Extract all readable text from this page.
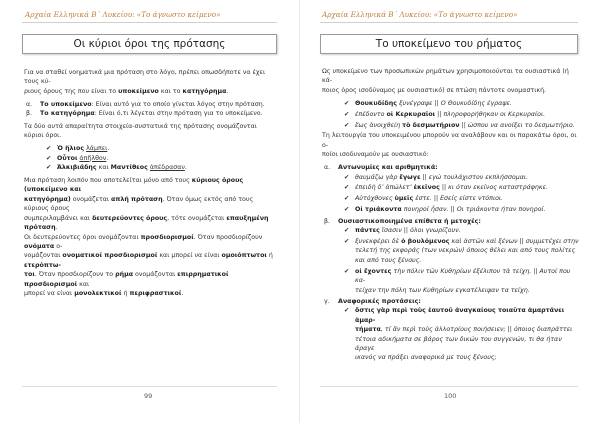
Αρχαία Ελληνικά Β΄ Λυκείου: «Το άγνωστο κείμενο»
Οι κύριοι όροι της πρότασης
Για να σταθεί νοηματικά μια πρόταση στο λόγο, πρέπει οπωσδήποτε να έχει τους κύ-
ριους όρους της που είναι το υποκείμενο και το κατηγόρημα.
α.	Το υποκείμενο: Είναι αυτό για το οποίο γίνεται λόγος στην πρόταση.
β.	Το κατηγόρημα: Είναι ό,τι λέγεται στην πρόταση για το υποκείμενο.
Τα δύο αυτά απαραίτητα στοιχεία-συστατικά της πρότασης ονομάζονται κύριοι όροι.
✔ Ὁ ἥλιος λάμπει.
✔ Οὗτοι ἀπῆλθον.
✔ Ἀλκιβιάδης και Μαντίθεος ἀπέδρασαν.
Μια πρόταση λοιπόν που αποτελείται μόνο από τους κύριους όρους (υποκείμενο και
κατηγόρημα) ονομάζεται απλή πρόταση. Όταν όμως εκτός από τους κύριους όρους
συμπεριλαμβάνει και δευτερεύοντες όρους, τότε ονομάζεται επαυξημένη πρόταση.
Οι δευτερεύοντες όροι ονομάζονται προσδιορισμοί. Όταν προσδιορίζουν ονόματα ο-
νομάζονται ονοματικοί προσδιορισμοί και μπορεί να είναι ομοιόπτωτοι ή ετερόπτω-
τοι. Όταν προσδιορίζουν το ρήμα ονομάζονται επιρρηματικοί προσδιορισμοί και
μπορεί να είναι μονολεκτικοί ή περιφραστικοί.
99
Αρχαία Ελληνικά Β΄ Λυκείου: «Το άγνωστο κείμενο»
Το υποκείμενο του ρήματος
Ως υποκείμενο των προσωπικών ρημάτων χρησιμοποιούνται τα ουσιαστικά (ή κά-
ποιος όρος ισοδύναμος με ουσιαστικό) σε πτώση πάντοτε ονομαστική.
✔ Θουκυδίδης ξυνέγραψε || Ο Θουκυδίδης έγραψε.
✔ ἐπέδοντο οἱ Κερκυραῖοι || πληροφορήθηκαν οι Κερκυραίοι.
✔ ἕως ἀνοιχθείη τὸ δεσμωτήριον || ώσπου να ανοίξει το δεσμωτήριο.
Τη λειτουργία του υποκειμένου μπορούν να αναλάβουν και οι παρακάτω όροι, οι ο-
ποίοι ισοδυναμούν με ουσιαστικό:
α.	Αντωνυμίες και αριθμητικά:
✔ θαυμάζω γὰρ ἔγωγε || εγώ τουλάχιστον εκπλήσσομαι.
✔ ἐπειδὴ δ’ ἀπώλετ’ ἐκεῖνος || κι όταν εκείνος καταστράφηκε.
✔ Αὐτόχθονες ὑμεῖς ἐστε. || Εσείς είστε ντόπιοι.
✔ Οἱ τριάκοντα πονηροί ἦσαν. || Οι τριάκοντα ήταν πονηροί.
β.	Ουσιαστικοποιημένα επίθετα ή μετοχές:
✔ πάντες ἴσασιν || όλοι γνωρίζουν.
✔ ξυνεκφέρει δὲ ὁ βουλόμενος καὶ ἀστῶν καὶ ξένων || συμμετέχει στην
τελετή της εκφοράς (των νεκρών) όποιος θέλει και από τους πολίτες
και από τους ξένους.
✔ οἱ ἔχοντες τὴν πόλιν τῶν Κυθηρίων ἐξέλιπον τὰ τείχη. || Αυτοί που κα-
τείχαν την πόλη των Κυθηρίων εγκατέλειψαν τα τείχη.
γ.	Αναφορικές προτάσεις:
✔ ὅστις γὰρ περὶ τοὺς ἑαυτοῦ ἀναγκαίους τοιαῦτα ἁμαρτάνει ἁμαρ-
τήματα, τί ἄν περὶ τοὺς ἀλλοτρίους ποιήσειεν; || όποιος διαπράττει
τέτοια αδικήματα σε βάρος των δικών του συγγενών, τι θα ήταν άραγε
ικανός να πράξει αναφορικά με τους ξένους;
100
